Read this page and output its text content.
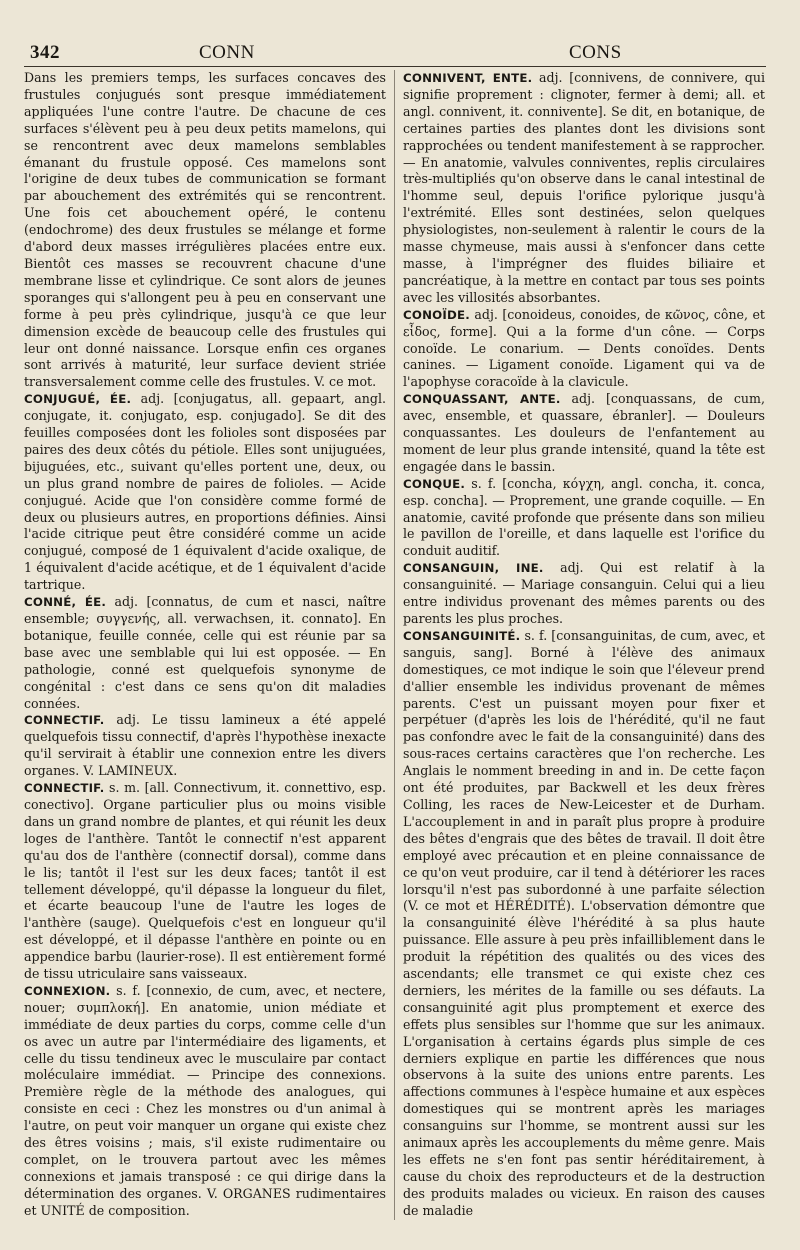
342	CONN	CONS

Dans les premiers temps, les surfaces concaves des frustules conjugués sont presque immédiatement appliquées l'une contre l'autre. De chacune de ces surfaces s'élèvent peu à peu deux petits mamelons, qui se rencontrent avec deux mamelons semblables émanant du frustule opposé. Ces mamelons sont l'origine de deux tubes de communication se formant par abouchement des extrémités qui se rencontrent. Une fois cet abouchement opéré, le contenu (endochrome) des deux frustules se mélange et forme d'abord deux masses irrégulières placées entre eux. Bientôt ces masses se recouvrent chacune d'une membrane lisse et cylindrique. Ce sont alors de jeunes sporanges qui s'allongent peu à peu en conservant une forme à peu près cylindrique, jusqu'à ce que leur dimension excède de beaucoup celle des frustules qui leur ont donné naissance. Lorsque enfin ces organes sont arrivés à maturité, leur surface devient striée transversalement comme celle des frustules. V. ce mot.

CONJUGUÉ, ÉE. adj. [conjugatus, all. gepaart, angl. conjugate, it. conjugato, esp. conjugado]. Se dit des feuilles composées dont les folioles sont disposées par paires des deux côtés du pétiole. Elles sont unijuguées, bijuguées, etc., suivant qu'elles portent une, deux, ou un plus grand nombre de paires de folioles. — Acide conjugué. Acide que l'on considère comme formé de deux ou plusieurs autres, en proportions définies. Ainsi l'acide citrique peut être considéré comme un acide conjugué, composé de 1 équivalent d'acide oxalique, de 1 équivalent d'acide acétique, et de 1 équivalent d'acide tartrique.

CONNÉ, ÉE. adj. [connatus, de cum et nasci, naître ensemble; συγγενής, all. verwachsen, it. connato]. En botanique, feuille connée, celle qui est réunie par sa base avec une semblable qui lui est opposée. — En pathologie, conné est quelquefois synonyme de congénital : c'est dans ce sens qu'on dit maladies connées.

CONNECTIF. adj. Le tissu lamineux a été appelé quelquefois tissu connectif, d'après l'hypothèse inexacte qu'il servirait à établir une connexion entre les divers organes. V. LAMINEUX.

CONNECTIF. s. m. [all. Connectivum, it. connettivo, esp. conectivo]. Organe particulier plus ou moins visible dans un grand nombre de plantes, et qui réunit les deux loges de l'anthère. Tantôt le connectif n'est apparent qu'au dos de l'anthère (connectif dorsal), comme dans le lis; tantôt il l'est sur les deux faces; tantôt il est tellement développé, qu'il dépasse la longueur du filet, et écarte beaucoup l'une de l'autre les loges de l'anthère (sauge). Quelquefois c'est en longueur qu'il est développé, et il dépasse l'anthère en pointe ou en appendice barbu (laurier-rose). Il est entièrement formé de tissu utriculaire sans vaisseaux.

CONNEXION. s. f. [connexio, de cum, avec, et nectere, nouer; συμπλοκή]. En anatomie, union médiate et immédiate de deux parties du corps, comme celle d'un os avec un autre par l'intermédiaire des ligaments, et celle du tissu tendineux avec le musculaire par contact moléculaire immédiat. — Principe des connexions. Première règle de la méthode des analogues, qui consiste en ceci : Chez les monstres ou d'un animal à l'autre, on peut voir manquer un organe qui existe chez des êtres voisins ; mais, s'il existe rudimentaire ou complet, on le trouvera partout avec les mêmes connexions et jamais transposé : ce qui dirige dans la détermination des organes. V. ORGANES rudimentaires et UNITÉ de composition.

CONNIVENT, ENTE. adj. [connivens, de connivere, qui signifie proprement : clignoter, fermer à demi; all. et angl. connivent, it. connivente]. Se dit, en botanique, de certaines parties des plantes dont les divisions sont rapprochées ou tendent manifestement à se rapprocher. — En anatomie, valvules conniventes, replis circulaires très-multipliés qu'on observe dans le canal intestinal de l'homme seul, depuis l'orifice pylorique jusqu'à l'extrémité. Elles sont destinées, selon quelques physiologistes, non-seulement à ralentir le cours de la masse chymeuse, mais aussi à s'enfoncer dans cette masse, à l'imprégner des fluides biliaire et pancréatique, à la mettre en contact par tous ses points avec les villosités absorbantes.

CONOÏDE. adj. [conoideus, conoides, de κῶνος, cône, et εἶδος, forme]. Qui a la forme d'un cône. — Corps conoïde. Le conarium. — Dents conoïdes. Dents canines. — Ligament conoïde. Ligament qui va de l'apophyse coracoïde à la clavicule.

CONQUASSANT, ANTE. adj. [conquassans, de cum, avec, ensemble, et quassare, ébranler]. — Douleurs conquassantes. Les douleurs de l'enfantement au moment de leur plus grande intensité, quand la tête est engagée dans le bassin.

CONQUE. s. f. [concha, κόγχη, angl. concha, it. conca, esp. concha]. — Proprement, une grande coquille. — En anatomie, cavité profonde que présente dans son milieu le pavillon de l'oreille, et dans laquelle est l'orifice du conduit auditif.

CONSANGUIN, INE. adj. Qui est relatif à la consanguinité. — Mariage consanguin. Celui qui a lieu entre individus provenant des mêmes parents ou des parents les plus proches.

CONSANGUINITÉ. s. f. [consanguinitas, de cum, avec, et sanguis, sang]. Borné à l'élève des animaux domestiques, ce mot indique le soin que l'éleveur prend d'allier ensemble les individus provenant de mêmes parents. C'est un puissant moyen pour fixer et perpétuer (d'après les lois de l'hérédité, qu'il ne faut pas confondre avec le fait de la consanguinité) dans des sous-races certains caractères que l'on recherche. Les Anglais le nomment breeding in and in. De cette façon ont été produites, par Backwell et les deux frères Colling, les races de New-Leicester et de Durham. L'accouplement in and in paraît plus propre à produire des bêtes d'engrais que des bêtes de travail. Il doit être employé avec précaution et en pleine connaissance de ce qu'on veut produire, car il tend à détériorer les races lorsqu'il n'est pas subordonné à une parfaite sélection (V. ce mot et HÉRÉDITÉ). L'observation démontre que la consanguinité élève l'hérédité à sa plus haute puissance. Elle assure à peu près infailliblement dans le produit la répétition des qualités ou des vices des ascendants; elle transmet ce qui existe chez ces derniers, les mérites de la famille ou ses défauts. La consanguinité agit plus promptement et exerce des effets plus sensibles sur l'homme que sur les animaux. L'organisation à certains égards plus simple de ces derniers explique en partie les différences que nous observons à la suite des unions entre parents. Les affections communes à l'espèce humaine et aux espèces domestiques qui se montrent après les mariages consanguins sur l'homme, se montrent aussi sur les animaux après les accouplements du même genre. Mais les effets ne s'en font pas sentir héréditairement, à cause du choix des reproducteurs et de la destruction des produits malades ou vicieux. En raison des causes de maladie
